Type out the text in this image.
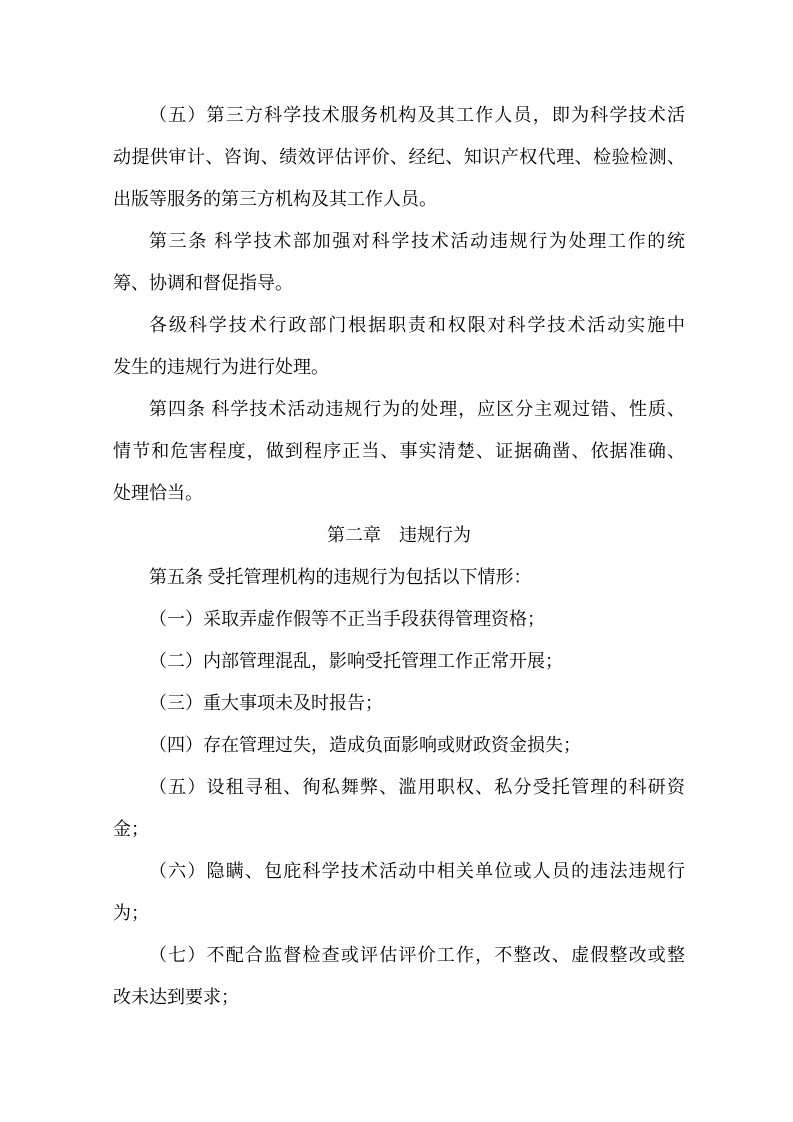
（五）第三方科学技术服务机构及其工作人员，即为科学技术活
动提供审计、咨询、绩效评估评价、经纪、知识产权代理、检验检测、
出版等服务的第三方机构及其工作人员。
第三条 科学技术部加强对科学技术活动违规行为处理工作的统
筹、协调和督促指导。
各级科学技术行政部门根据职责和权限对科学技术活动实施中
发生的违规行为进行处理。
第四条 科学技术活动违规行为的处理，应区分主观过错、性质、
情节和危害程度，做到程序正当、事实清楚、证据确凿、依据准确、
处理恰当。
第二章　违规行为
第五条 受托管理机构的违规行为包括以下情形：
（一）采取弄虚作假等不正当手段获得管理资格；
（二）内部管理混乱，影响受托管理工作正常开展；
（三）重大事项未及时报告；
（四）存在管理过失，造成负面影响或财政资金损失；
（五）设租寻租、徇私舞弊、滥用职权、私分受托管理的科研资
金；
（六）隐瞒、包庇科学技术活动中相关单位或人员的违法违规行
为；
（七）不配合监督检查或评估评价工作，不整改、虚假整改或整
改未达到要求；
